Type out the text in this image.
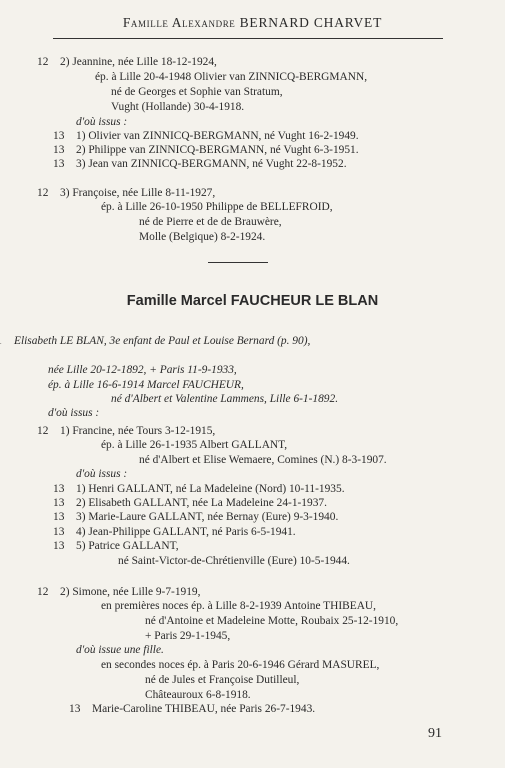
Famille Alexandre BERNARD CHARVET
12 2) Jeannine, née Lille 18-12-1924,
ép. à Lille 20-4-1948 Olivier van ZINNICQ-BERGMANN,
né de Georges et Sophie van Stratum,
Vught (Hollande) 30-4-1918.
d'où issus :
13 1) Olivier van ZINNICQ-BERGMANN, né Vught 16-2-1949.
13 2) Philippe van ZINNICQ-BERGMANN, né Vught 6-3-1951.
13 3) Jean van ZINNICQ-BERGMANN, né Vught 22-8-1952.
12 3) Françoise, née Lille 8-11-1927,
ép. à Lille 26-10-1950 Philippe de BELLEFROID,
né de Pierre et de de Brauwère,
Molle (Belgique) 8-2-1924.
Elisabeth LE BLAN, 3e enfant de Paul et Louise Bernard (p. 90),
née Lille 20-12-1892, + Paris 11-9-1933,
ép. à Lille 16-6-1914 Marcel FAUCHEUR,
né d'Albert et Valentine Lammens, Lille 6-1-1892.
d'où issus :
12 1) Francine, née Tours 3-12-1915,
ép. à Lille 26-1-1935 Albert GALLANT,
né d'Albert et Elise Wemaere, Comines (N.) 8-3-1907.
d'où issus :
13 1) Henri GALLANT, né La Madeleine (Nord) 10-11-1935.
13 2) Elisabeth GALLANT, née La Madeleine 24-1-1937.
13 3) Marie-Laure GALLANT, née Bernay (Eure) 9-3-1940.
13 4) Jean-Philippe GALLANT, né Paris 6-5-1941.
13 5) Patrice GALLANT,
né Saint-Victor-de-Chrétienville (Eure) 10-5-1944.
12 2) Simone, née Lille 9-7-1919,
en premières noces ép. à Lille 8-2-1939 Antoine THIBEAU,
né d'Antoine et Madeleine Motte, Roubaix 25-12-1910,
+ Paris 29-1-1945,
d'où issue une fille.
en secondes noces ép. à Paris 20-6-1946 Gérard MASUREL,
né de Jules et Françoise Dutilleul,
Châteauroux 6-8-1918.
13 Marie-Caroline THIBEAU, née Paris 26-7-1943.
Famille Marcel FAUCHEUR LE BLAN
91
